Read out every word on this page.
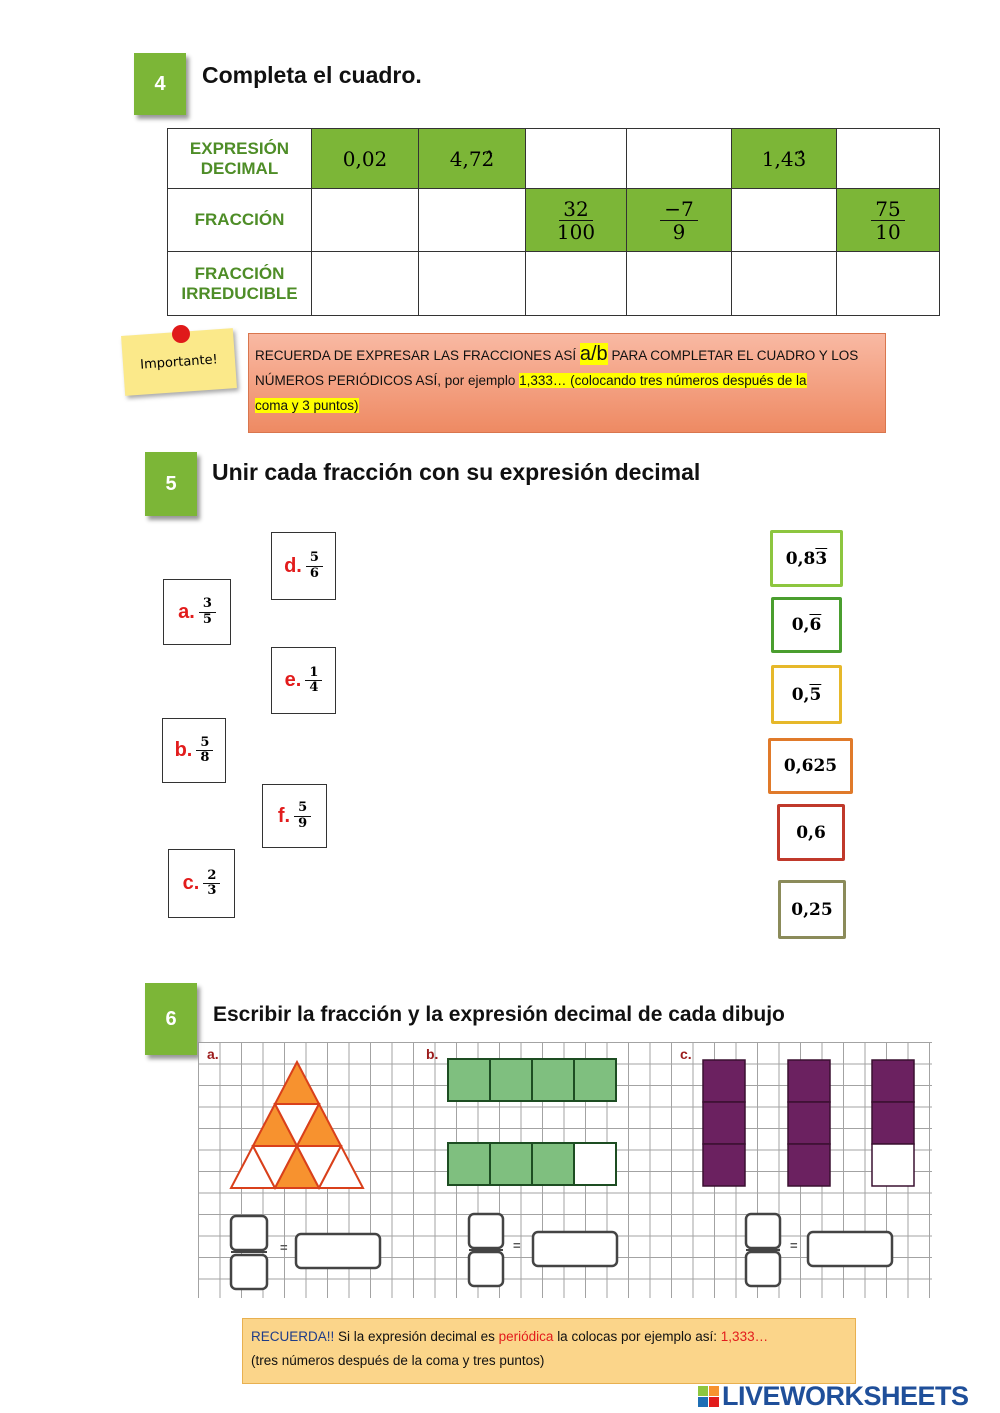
4	Completa el cuadro.
EXPRESIÓN
DECIMAL	0,02	4,72̂			1,43̂	
FRACCIÓN			$\frac{32}{100}$	$\frac{-7}{9}$		$\frac{75}{10}$

FRACCIÓN
IRREDUCIBLE						
Importante!	RECUERDA DE EXPRESAR LAS FRACCIONES ASÍ a/b PARA COMPLETAR EL CUADRO Y LOS
NÚMEROS PERIÓDICOS ASÍ, por ejemplo 1,333… (colocando tres números después de la
coma y 3 puntos)
5	Unir cada fracción con su expresión decimal
d. $\frac{5}{6}$
a. $\frac{3}{5}$
e. $\frac{1}{4}$
b. $\frac{5}{8}$
f. $\frac{5}{9}$
c. $\frac{2}{3}$
0,8 3
0, 6
0, 5
0,625
0,6
0,25
6	Escribir la fracción y la expresión decimal de cada dibujo
a.	b.	c.
=	=	=
RECUERDA!! Si la expresión decimal es periódica la colocas por ejemplo así: 1,333…
(tres números después de la coma y tres puntos)
LIVEWORKSHEETS
